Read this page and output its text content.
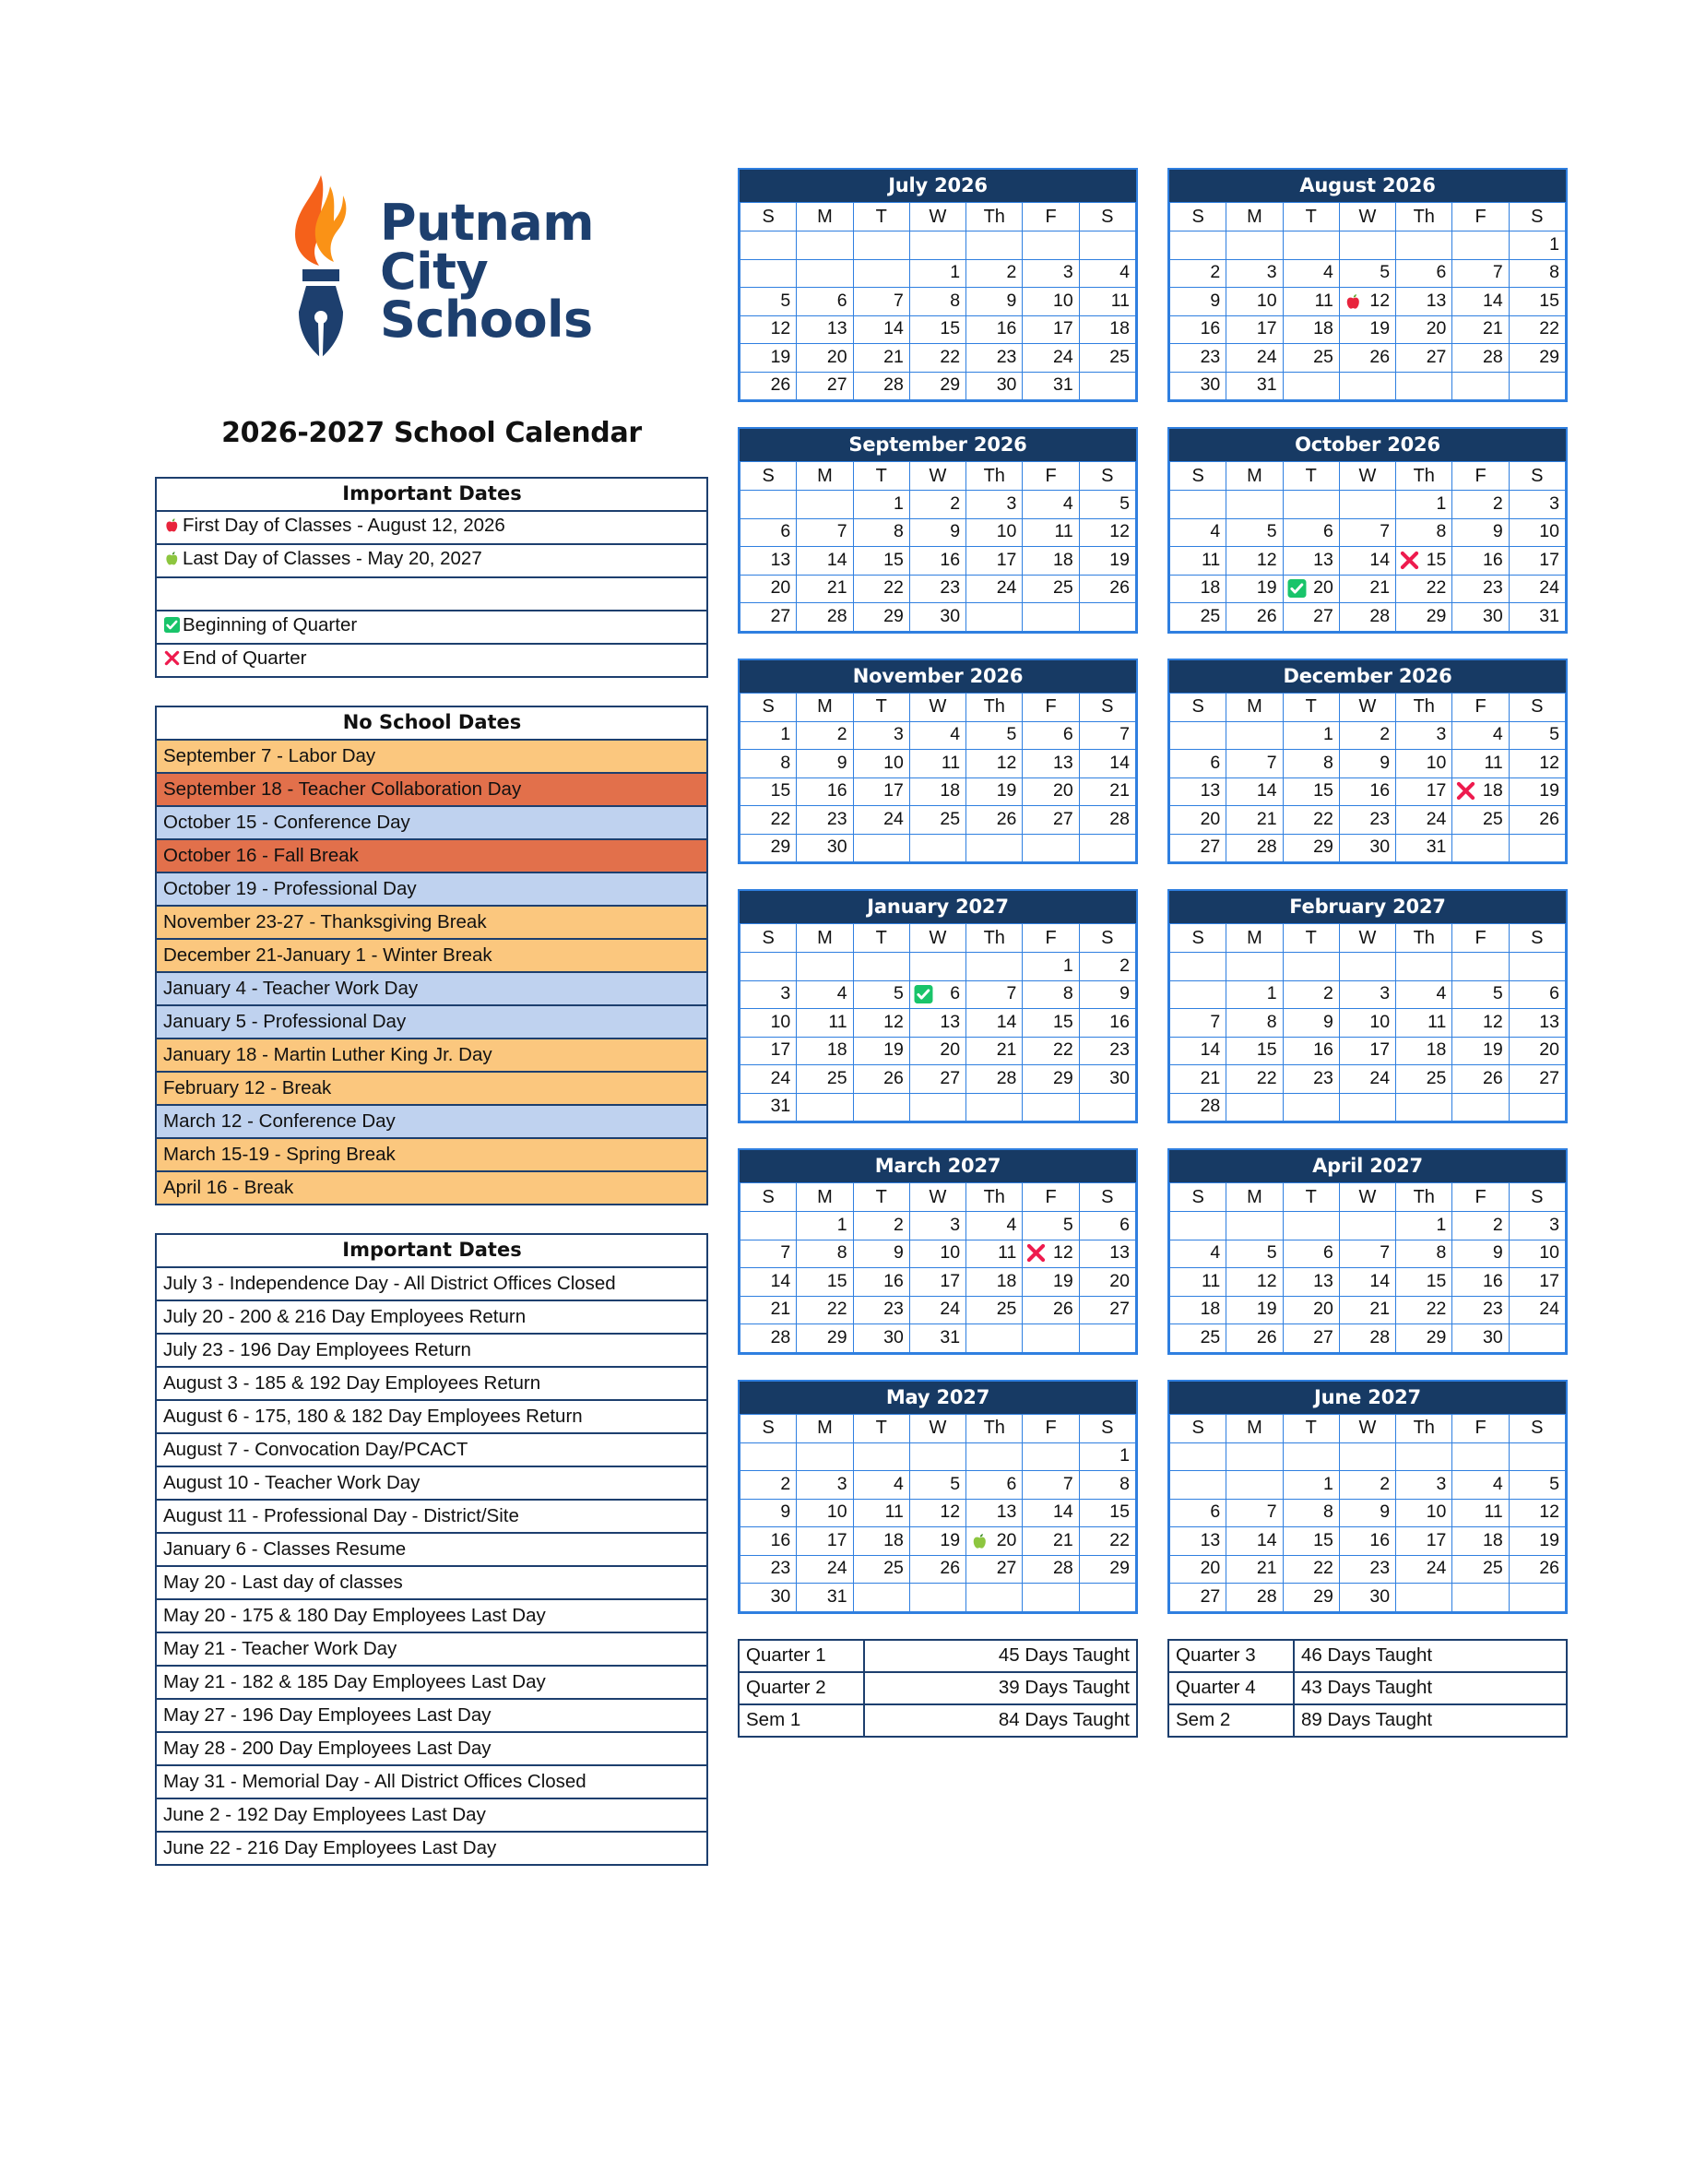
Putnam
City
Schools
2026-2027 School Calendar
Important Dates
First Day of Classes - August 12, 2026
Last Day of Classes - May 20, 2027

Beginning of Quarter
End of Quarter
No School Dates
September 7 - Labor Day
September 18 - Teacher Collaboration Day
October 15 - Conference Day
October 16 - Fall Break
October 19 - Professional Day
November 23-27 - Thanksgiving Break
December 21-January 1 - Winter Break
January 4 - Teacher Work Day
January 5 - Professional Day
January 18 - Martin Luther King Jr. Day
February 12 - Break
March 12 - Conference Day
March 15-19 - Spring Break
April 16 - Break
Important Dates
July 3 - Independence Day - All District Offices Closed
July 20 - 200 & 216 Day Employees Return
July 23 - 196 Day Employees Return
August 3 - 185 & 192 Day Employees Return
August 6 - 175, 180 & 182 Day Employees Return
August 7 - Convocation Day/PCACT
August 10 - Teacher Work Day
August 11 - Professional Day - District/Site
January 6 - Classes Resume
May 20 - Last day of classes
May 20 - 175 & 180 Day Employees Last Day
May 21 - Teacher Work Day
May 21 - 182 & 185 Day Employees Last Day
May 27 - 196 Day Employees Last Day
May 28 - 200 Day Employees Last Day
May 31 - Memorial Day - All District Offices Closed
June 2 - 192 Day Employees Last Day
June 22 - 216 Day Employees Last Day
July 2026
S	M	T	W	Th	F	S

			1	2	3	4
5	6	7	8	9	10	11
12	13	14	15	16	17	18
19	20	21	22	23	24	25
26	27	28	29	30	31	
August 2026
S	M	T	W	Th	F	S
						1
2	3	4	5	6	7	8
9	10	11	12	13	14	15
16	17	18	19	20	21	22
23	24	25	26	27	28	29
30	31					
September 2026
S	M	T	W	Th	F	S
		1	2	3	4	5
6	7	8	9	10	11	12
13	14	15	16	17	18	19
20	21	22	23	24	25	26
27	28	29	30			
October 2026
S	M	T	W	Th	F	S
				1	2	3
4	5	6	7	8	9	10
11	12	13	14	15	16	17
18	19	20	21	22	23	24
25	26	27	28	29	30	31
November 2026
S	M	T	W	Th	F	S
1	2	3	4	5	6	7
8	9	10	11	12	13	14
15	16	17	18	19	20	21
22	23	24	25	26	27	28
29	30					
December 2026
S	M	T	W	Th	F	S
		1	2	3	4	5
6	7	8	9	10	11	12
13	14	15	16	17	18	19
20	21	22	23	24	25	26
27	28	29	30	31		
January 2027
S	M	T	W	Th	F	S
					1	2
3	4	5	6	7	8	9
10	11	12	13	14	15	16
17	18	19	20	21	22	23
24	25	26	27	28	29	30
31						
February 2027
S	M	T	W	Th	F	S

	1	2	3	4	5	6
7	8	9	10	11	12	13
14	15	16	17	18	19	20
21	22	23	24	25	26	27
28						
March 2027
S	M	T	W	Th	F	S
	1	2	3	4	5	6
7	8	9	10	11	12	13
14	15	16	17	18	19	20
21	22	23	24	25	26	27
28	29	30	31			
April 2027
S	M	T	W	Th	F	S
				1	2	3
4	5	6	7	8	9	10
11	12	13	14	15	16	17
18	19	20	21	22	23	24
25	26	27	28	29	30	
May 2027
S	M	T	W	Th	F	S
						1
2	3	4	5	6	7	8
9	10	11	12	13	14	15
16	17	18	19	20	21	22
23	24	25	26	27	28	29
30	31					
June 2027
S	M	T	W	Th	F	S

		1	2	3	4	5
6	7	8	9	10	11	12
13	14	15	16	17	18	19
20	21	22	23	24	25	26
27	28	29	30			
Quarter 1	45 Days Taught
Quarter 2	39 Days Taught
Sem 1	84 Days Taught
Quarter 3	46 Days Taught
Quarter 4	43 Days Taught
Sem 2	89 Days Taught
